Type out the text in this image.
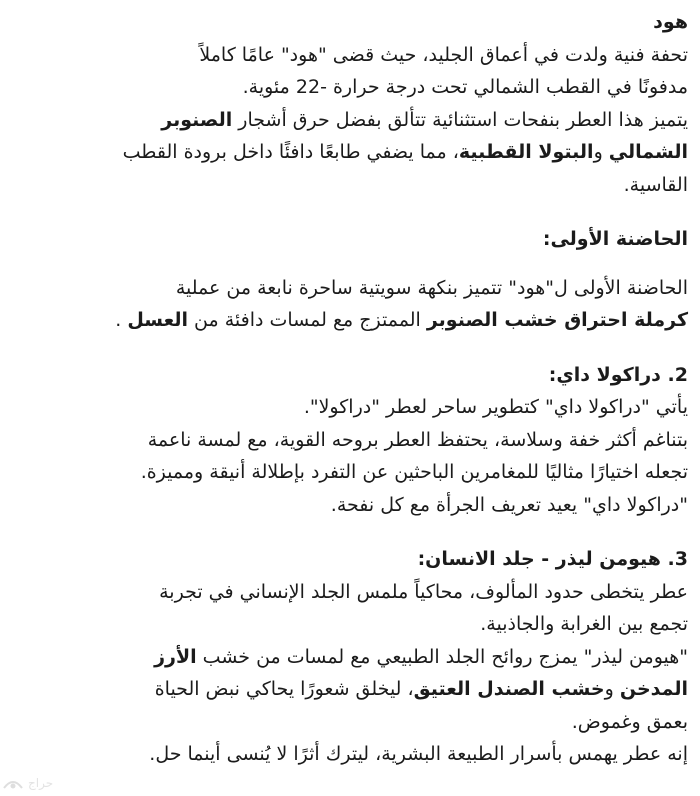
هود
تحفة فنية ولدت في أعماق الجليد، حيث قضى "هود" عامًا كاملاً
مدفونًا في القطب الشمالي تحت درجة حرارة -22 مئوية.
يتميز هذا العطر بنفحات استثنائية تتألق بفضل حرق أشجار الصنوبر
الشمالي والبتولا القطبية، مما يضفي طابعًا دافئًا داخل برودة القطب
القاسية.
الحاضنة الأولى:
الحاضنة الأولى ل"هود" تتميز بنكهة سويتية ساحرة نابعة من عملية
كرملة احتراق خشب الصنوبر الممتزج مع لمسات دافئة من العسل .
2. دراكولا داي:
يأتي "دراكولا داي" كتطوير ساحر لعطر "دراكولا".
بتناغم أكثر خفة وسلاسة، يحتفظ العطر بروحه القوية، مع لمسة ناعمة
تجعله اختيارًا مثاليًا للمغامرين الباحثين عن التفرد بإطلالة أنيقة ومميزة.
"دراكولا داي" يعيد تعريف الجرأة مع كل نفحة.
3. هيومن ليذر - جلد الانسان:
عطر يتخطى حدود المألوف، محاكياً ملمس الجلد الإنساني في تجربة
تجمع بين الغرابة والجاذبية.
"هيومن ليذر" يمزج روائح الجلد الطبيعي مع لمسات من خشب الأرز
المدخن وخشب الصندل العتيق، ليخلق شعورًا يحاكي نبض الحياة
بعمق وغموض.
إنه عطر يهمس بأسرار الطبيعة البشرية، ليترك أثرًا لا يُنسى أينما حل.
حراج
